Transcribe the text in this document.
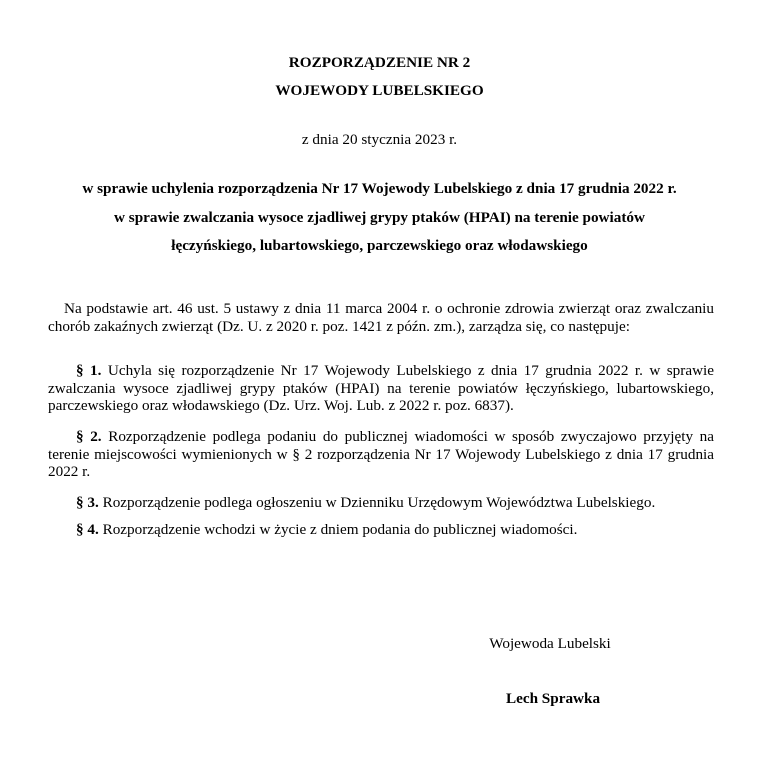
ROZPORZĄDZENIE NR 2
WOJEWODY LUBELSKIEGO
z dnia 20 stycznia 2023 r.
w sprawie uchylenia rozporządzenia Nr 17 Wojewody Lubelskiego z dnia 17 grudnia 2022 r.
w sprawie zwalczania wysoce zjadliwej grypy ptaków (HPAI) na terenie powiatów
łęczyńskiego, lubartowskiego, parczewskiego oraz włodawskiego
Na podstawie art. 46 ust. 5 ustawy z dnia 11 marca 2004 r. o ochronie zdrowia zwierząt oraz zwalczaniu chorób zakaźnych zwierząt (Dz. U. z 2020 r. poz. 1421 z późn. zm.), zarządza się, co następuje:
§ 1. Uchyla się rozporządzenie Nr 17 Wojewody Lubelskiego z dnia 17 grudnia 2022 r. w sprawie zwalczania wysoce zjadliwej grypy ptaków (HPAI) na terenie powiatów łęczyńskiego, lubartowskiego, parczewskiego oraz włodawskiego (Dz. Urz. Woj. Lub. z 2022 r. poz. 6837).
§ 2. Rozporządzenie podlega podaniu do publicznej wiadomości w sposób zwyczajowo przyjęty na terenie miejscowości wymienionych w § 2 rozporządzenia Nr 17 Wojewody Lubelskiego z dnia 17 grudnia 2022 r.
§ 3. Rozporządzenie podlega ogłoszeniu w Dzienniku Urzędowym Województwa Lubelskiego.
§ 4. Rozporządzenie wchodzi w życie z dniem podania do publicznej wiadomości.
Wojewoda Lubelski
Lech Sprawka
